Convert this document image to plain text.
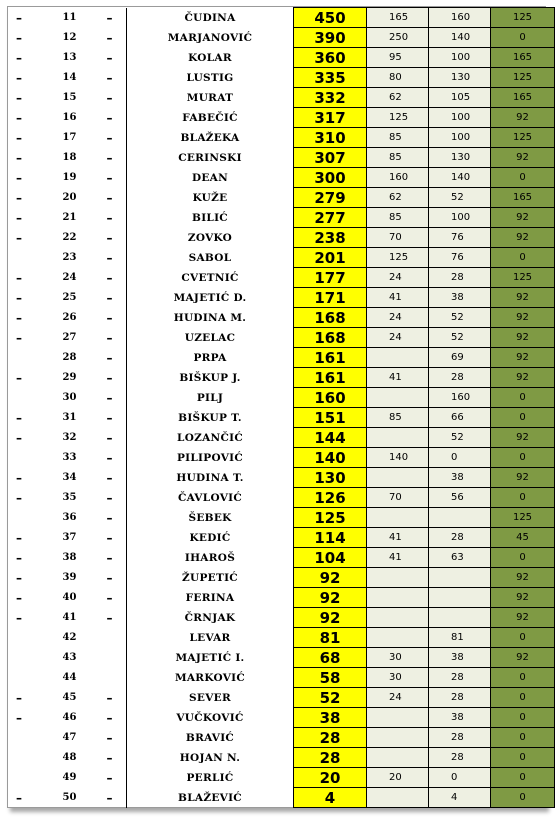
–	11	–	ČUDINA	450	165	160	125
–	12	–	MARJANOVIĆ	390	250	140	0
–	13	–	KOLAR	360	95	100	165
–	14	–	LUSTIG	335	80	130	125
–	15	–	MURAT	332	62	105	165
–	16	–	FABEČIĆ	317	125	100	92
–	17	–	BLAŽEKA	310	85	100	125
–	18	–	CERINSKI	307	85	130	92
–	19	–	DEAN	300	160	140	0
–	20	–	KUŽE	279	62	52	165
–	21	–	BILIĆ	277	85	100	92
–	22	–	ZOVKO	238	70	76	92
	23	–	SABOL	201	125	76	0
–	24	–	CVETNIĆ	177	24	28	125
–	25	–	MAJETIĆ D.	171	41	38	92
–	26	–	HUDINA M.	168	24	52	92
–	27	–	UZELAC	168	24	52	92
	28	–	PRPA	161		69	92
–	29	–	BIŠKUP J.	161	41	28	92
	30	–	PILJ	160		160	0
–	31	–	BIŠKUP T.	151	85	66	0
–	32	–	LOZANČIĆ	144		52	92
	33	–	PILIPOVIĆ	140	140	0	0
–	34	–	HUDINA T.	130		38	92
–	35	–	ČAVLOVIĆ	126	70	56	0
	36	–	ŠEBEK	125			125
–	37	–	KEDIĆ	114	41	28	45
–	38	–	IHAROŠ	104	41	63	0
–	39	–	ŽUPETIĆ	92			92
–	40	–	FERINA	92			92
–	41	–	ČRNJAK	92			92
	42		LEVAR	81		81	0
	43		MAJETIĆ I.	68	30	38	92
	44		MARKOVIĆ	58	30	28	0
–	45	–	SEVER	52	24	28	0
–	46	–	VUČKOVIĆ	38		38	0
	47	–	BRAVIĆ	28		28	0
	48	–	HOJAN N.	28		28	0
	49	–	PERLIĆ	20	20	0	0
–	50	–	BLAŽEVIĆ	4		4	0
